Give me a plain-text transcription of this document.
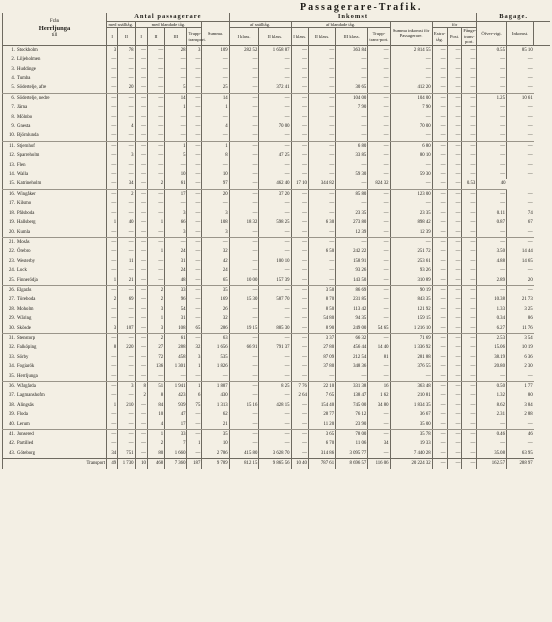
Passagerare-Trafik.
Från
Herrljunga
till	Antal passagerare							Inkomst										Bagage.		
	med snälltåg.		med blandade tåg.				Summa.	af snälltåg.		af blandade tåg.				Summa inkomst för Passagerare.	för			Öfver-vigt.	Inkomst.	
	I	II	I	II	III	Trupp-transport.		I klass.	II klass.	I klass.	II klass.	III klass.	Trupp-trans-port.		Extra-tåg.	Post.	Fånge-trans-port.			
1. Stockholm	3	78	—	—	28	3	109	282 52	1 658 87	—	—	363 84	—	2 814 55	—	—	—	0.55	85 10	
2. Liljeholmen	—	—	—	—	—	—	—	—	—	—	—	—	—	—	—	—	—	—	—	
3. Huddinge	—	—	—	—	—	—	—	—	—	—	—	—	—	—	—	—	—	—	—	
4. Tumba	—	—	—	—	—	—	—	—	—	—	—	—	—	—	—	—	—	—	—	
5. Södertelje, afre	—	20	—	—	5	—	25	—	372 41	—	—	30 65	—	412 20	—	—	—	—	—	
6. Södertelje, nedre	—	—	—	—	14	—	14	—	—	—	—	104 00	—	104 00	—	—	—	1.25	10 61	
7. Järna	—	—	—	—	1	—	1	—	—	—	—	7 90	—	7 90	—	—	—	—	—	
8. Mölnbo	—	—	—	—	—	—	—	—	—	—	—	—	—	—	—	—	—	—	—	
9. Gnesta	—	4	—	—	—	—	4	—	70 00	—	—	—	—	70 00	—	—	—	—	—	
10. Björnlunda	—	—	—	—	—	—	—	—	—	—	—	—	—	—	—	—	—	—	—	
11. Stjernhof	—	—	—	—	1	—	1	—	—	—	—	6 80	—	6 80	—	—	—	—	—	
12. Sparreholm	—	3	—	—	5	—	8	—	47 25	—	—	33 85	—	80 10	—	—	—	—	—	
13. Flen	—	—	—	—	—	—	—	—	—	—	—	—	—	—	—	—	—	—	—	
14. Walla	—	—	—	—	10	—	10	—	—	—	—	59 30	—	59 30	—	—	—	—	—	
15. Katrineholm	—	34	—	2	61	—	97	—	462 40	17 10	344 82	—	824 32	—	—	—	0.53	40		
16. Wingåker	—	2	—	—	17	—	20	—	37 20	—	—	85 80	—	123 00	—	—	—	—	—	
17. Kilsmo	—	—	—	—	—	—	—	—	—	—	—	—	—	—	—	—	—	—	—	
18. Pålsboda	—	—	—	—	3	—	3	—	—	—	—	23 35	—	23 35	—	—	—	0.11	74	
19. Hallsberg	1	40	—	1	66	—	108	18 32	598 25	—	6 30	273 80	—	898 42	—	—	—	0.87	67	
20. Kumla	—	—	—	—	3	—	3	—	—	—	—	12 39	—	12 39	—	—	—	—	—	
21. Mosås	—	—	—	—	—	—	—	—	—	—	—	—	—	—	—	—	—	—	—	
22. Örebro	—	—	—	1	24	—	32	—	—	—	6 50	242 22	—	251 72	—	—	—	3.50	14 44	
23. Westerby	—	11	—	—	31	—	42	—	100 10	—	—	158 91	—	253 61	—	—	—	4.88	14 65	
24. Lock	—	—	—	—	24	—	24	—	—	—	—	93 26	—	93 26	—	—	—	—	—	
25. Finnerödja	1	21	—	—	48	—	65	10 00	157 39	—	—	143 50	—	310 89	—	—	—	2.89	20	
26. Elgarås	—	—	—	2	33	—	35	—	—	—	3 50	86 69	—	90 19	—	—	—	—	—	
27. Töreboda	2	69	—	2	96	—	169	15 30	587 70	—	8 70	231 85	—	843 35	—	—	—	10.38	21 73	
28. Moholm	—	—	—	3	54	—	26	—	—	—	8 50	113 42	—	121 92	—	—	—	1.33	3 25	
29. Wäring	—	—	—	1	31	—	32	—	—	—	54 80	94 35	—	159 15	—	—	—	0.34	86	
30. Skösde	3	107	—	3	108	65	286	19 15	885 30	—	8 90	249 00	54 65	1 216 10	—	—	—	6.27	11 76	
31. Stenstorp	—	—	—	2	61	—	63	—	—	—	3 37	66 32	—	71 69	—	—	—	2.53	3 54	
32. Falköping	8	220	—	27	288	32	1 656	66 91	791 37	—	27 80	456 44	14 40	1 336 92	—	—	—	15.06	10 19	
33. Sörby	—	—	—	72	458	3	535	—	—	—	87 09	212 54	81	281 88	—	—	—	38.19	6 36	
34. Fogiarök	—	—	—	136	1 301	1	1 826	—	—	—	37 80	348 36	—	376 55	—	—	—	20.80	2 30	
35. Herrljunga	—	—	—	—	—	—	—	—	—	—	—	—	—	—	—	—	—	—	—	
36. Wårgårda	—	3	8	51	1 941	1	1 887	—	8 25	7 76	22 10	331 38	16	363 48	—	—	—	0.50	1 77	
37. Lagmanshofm	—	—	2	8	423	6	430	—	—	2 64	7 65	138 47	1 62	210 81	—	—	—	1.32	80	
38. Alingsås	1	210	—	84	939	75	1 313	15 16	428 15	—	154 40	745 00	34 80	1 834 35	—	—	—	8.62	3 84	
39. Floda	—	—	—	10	47	—	62	—	—	—	28 77	76 12	—	36 67	—	—	—	2.31	2 88	
40. Lerum	—	—	—	4	17	—	21	—	—	—	11 20	23 90	—	35 00	—	—	—	—	—	
41. Jonsered	—	—	—	1	33	—	35	—	—	—	3 65	78 00	—	35 78	—	—	—	0.46	46	
42. Partilled	—	—	—	2	7	1	10	—	—	—	6 70	11 06	34	19 33	—	—	—	—	—	
43. Göteborg	34	751	—	80	1 660	—	2 786	415 80	3 628 70	—	314 86	3 095 77	—	7 440 28	—	—	—	35.08	63 95	
Transport	49	1 730	10	468	7 360	187	9 789	812 15	9 865 56	10 40	787 61	8 696 57	116 06	20 224 32	—	—	—	162.57	288 97	
